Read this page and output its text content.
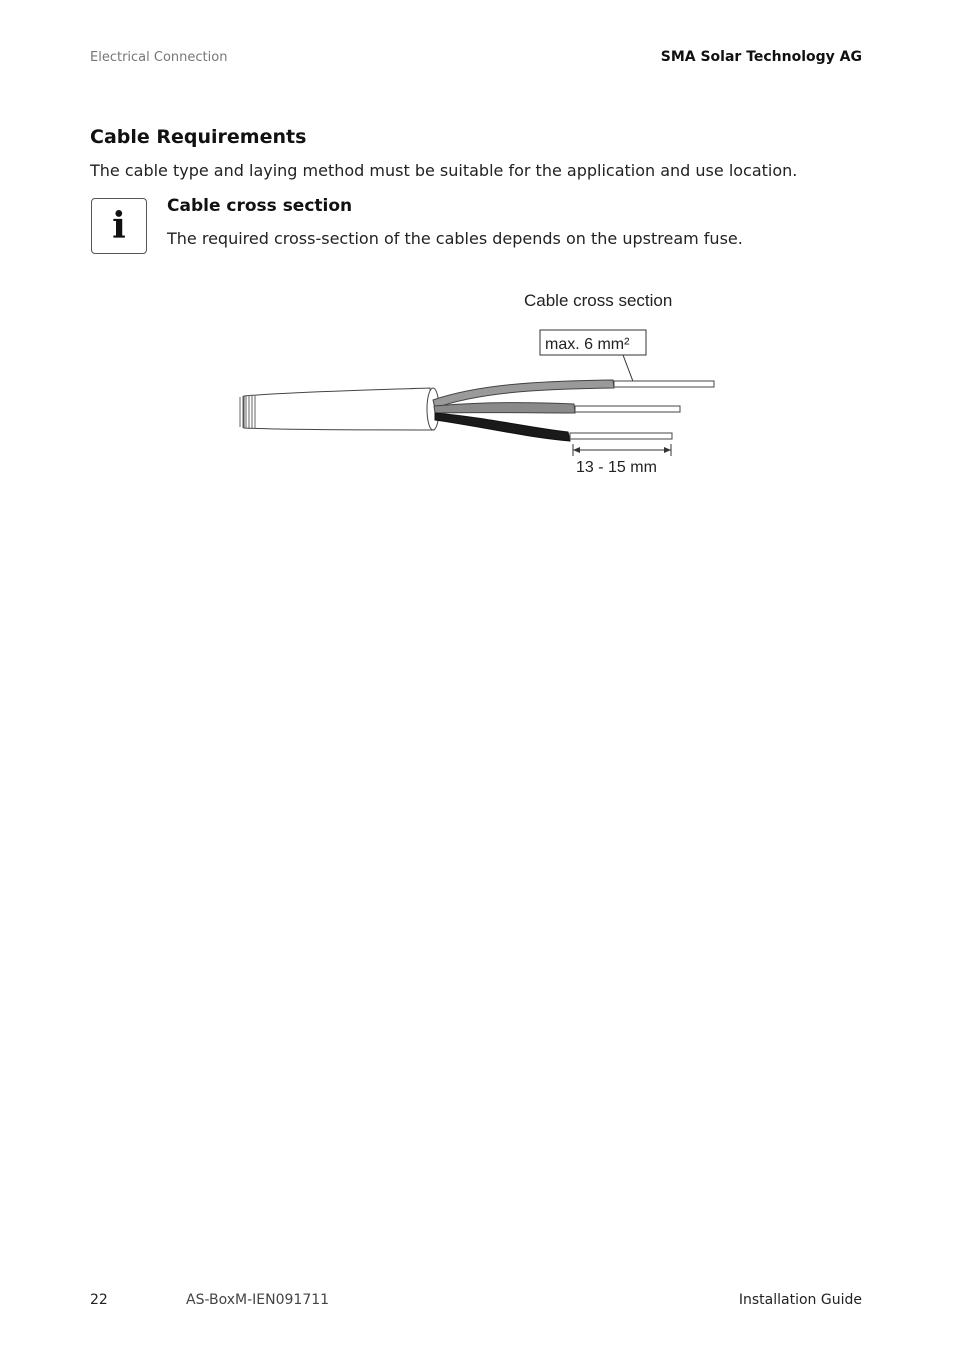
Electrical Connection	SMA Solar Technology AG
Cable Requirements
The cable type and laying method must be suitable for the application and use location.
i Cable cross section
The required cross-section of the cables depends on the upstream fuse.
Cable cross section
max. 6 mm²
13 - 15 mm
22	AS-BoxM-IEN091711	Installation Guide
